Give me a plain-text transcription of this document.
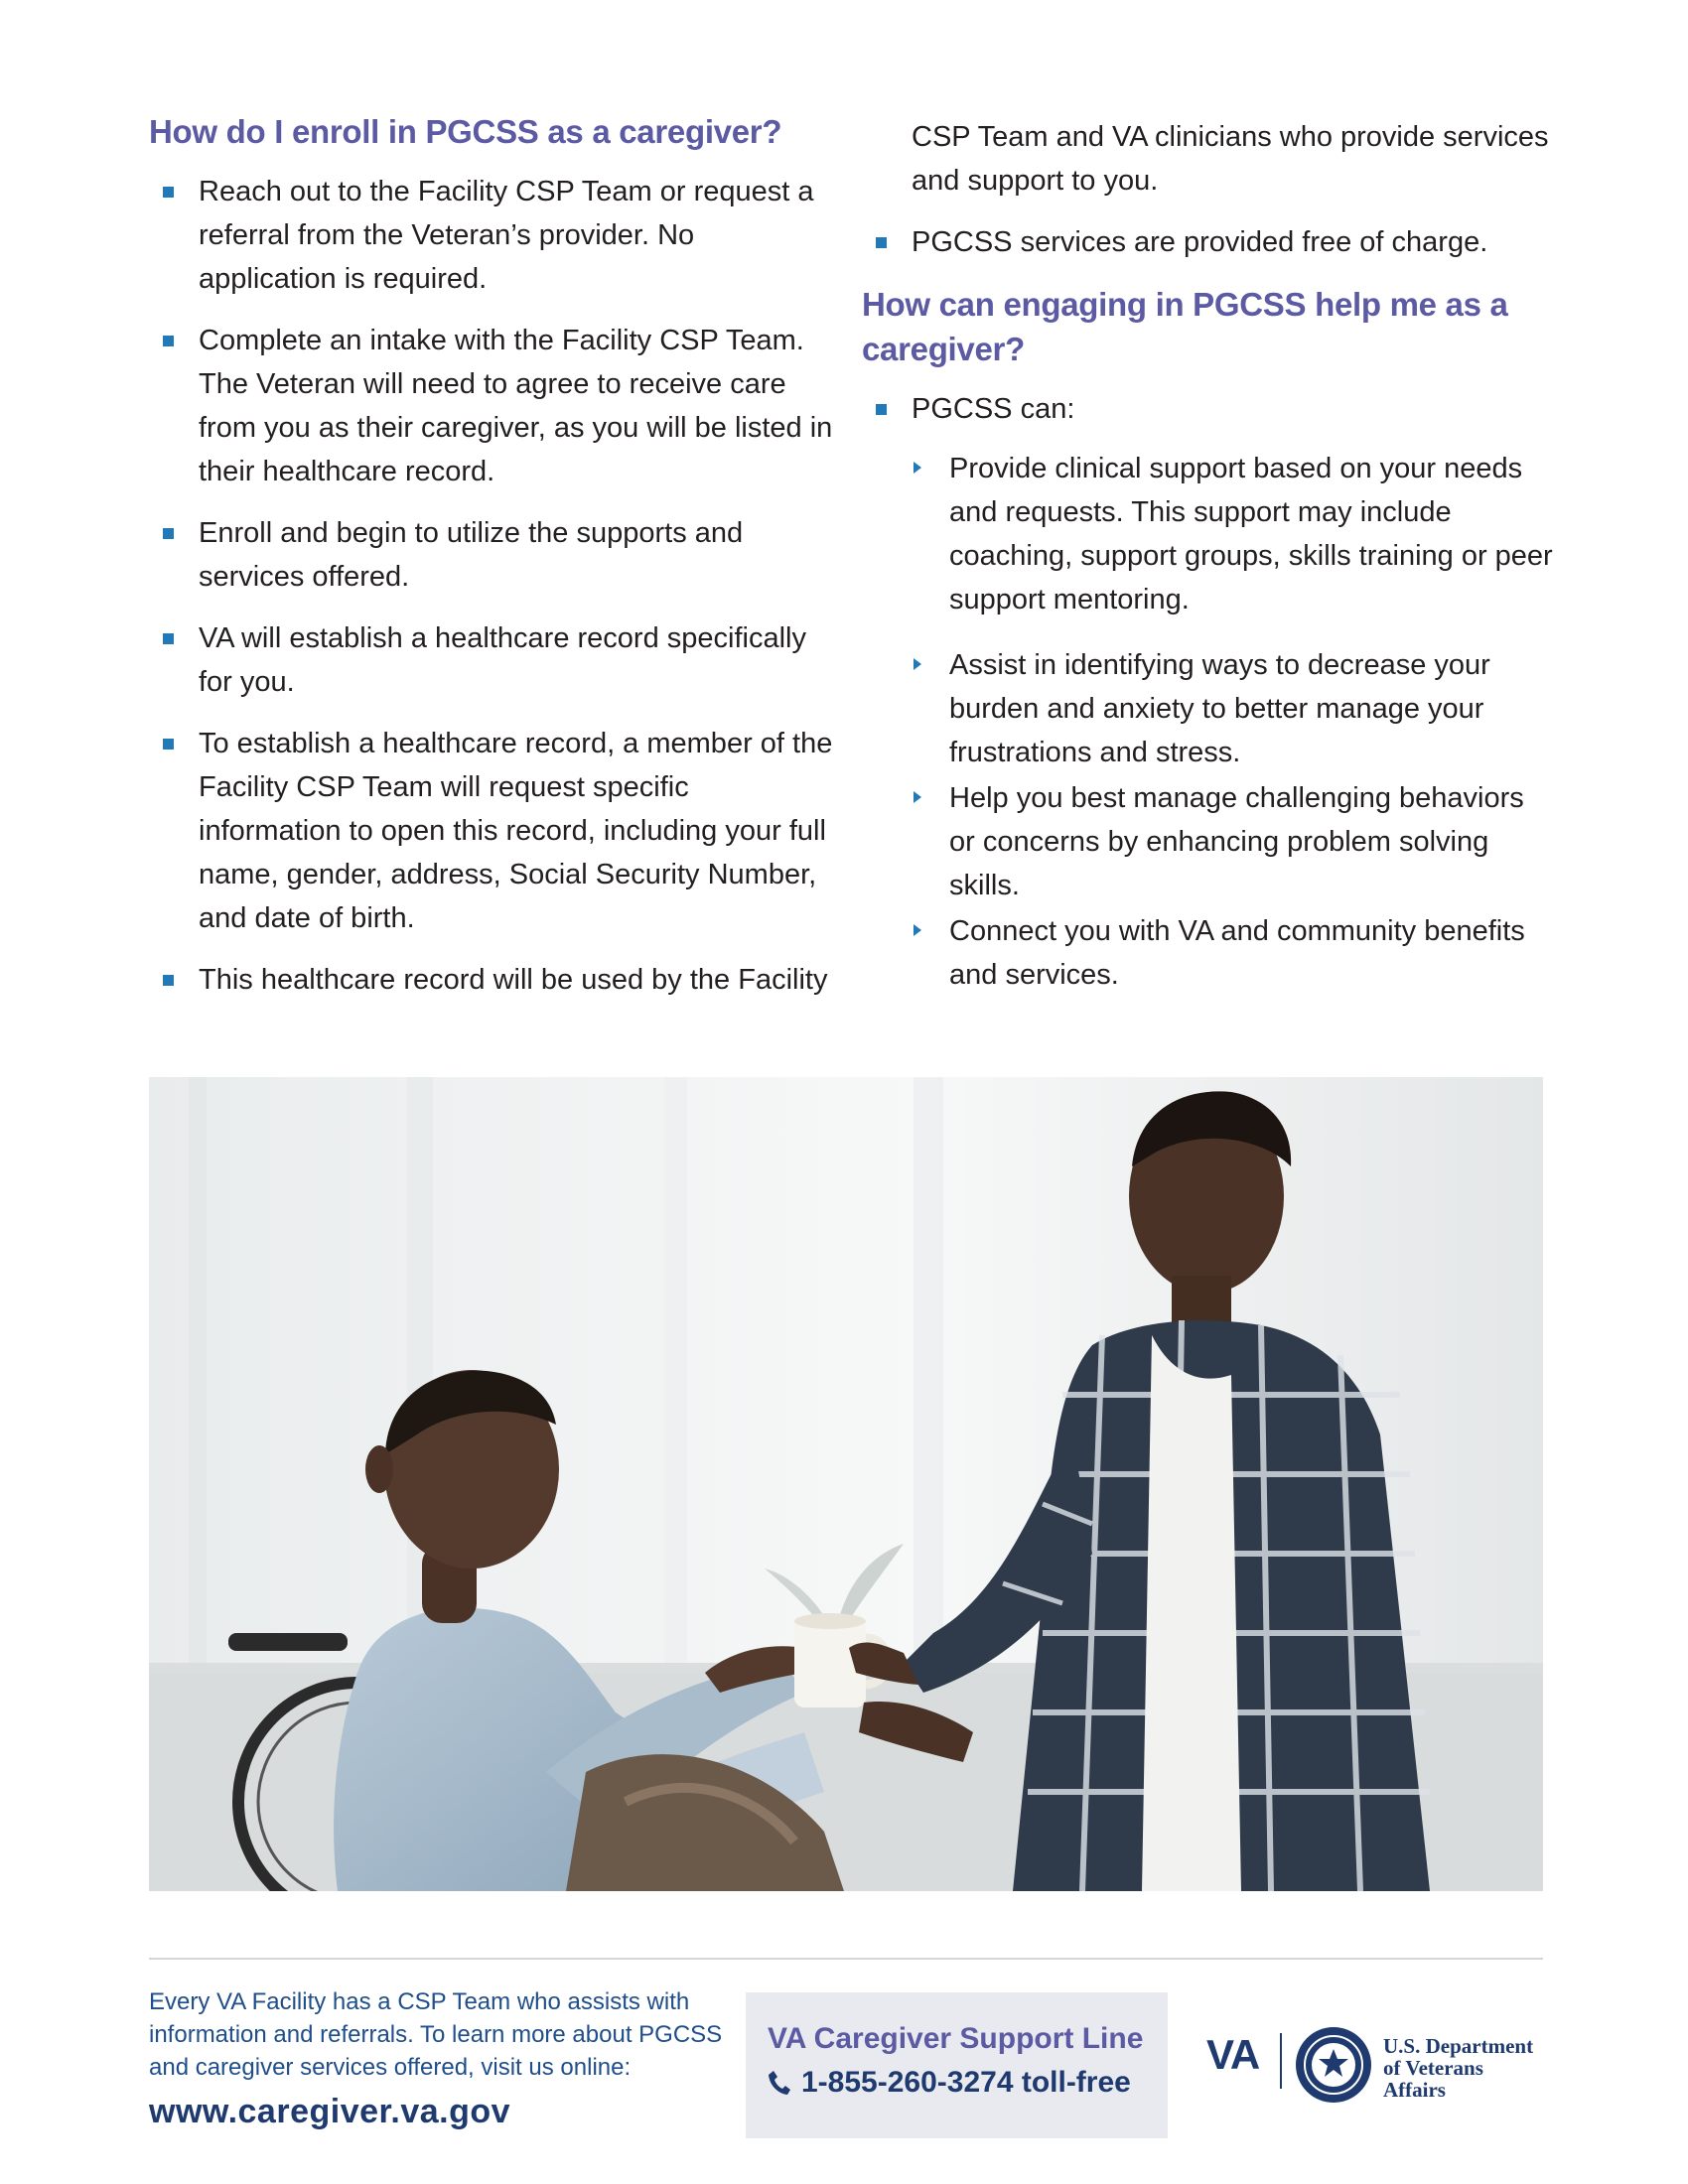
How do I enroll in PGCSS as a caregiver?
Reach out to the Facility CSP Team or request a referral from the Veteran’s provider. No application is required.
Complete an intake with the Facility CSP Team. The Veteran will need to agree to receive care from you as their caregiver, as you will be listed in their healthcare record.
Enroll and begin to utilize the supports and services offered.
VA will establish a healthcare record specifically for you.
To establish a healthcare record, a member of the Facility CSP Team will request specific information to open this record, including your full name, gender, address, Social Security Number, and date of birth.
This healthcare record will be used by the Facility
CSP Team and VA clinicians who provide services and support to you.
PGCSS services are provided free of charge.
How can engaging in PGCSS help me as a caregiver?
PGCSS can:
Provide clinical support based on your needs and requests. This support may include coaching, support groups, skills training or peer support mentoring.
Assist in identifying ways to decrease your burden and anxiety to better manage your frustrations and stress.
Help you best manage challenging behaviors or concerns by enhancing problem solving skills.
Connect you with VA and community benefits and services.
Every VA Facility has a CSP Team who assists with information and referrals. To learn more about PGCSS and caregiver services offered, visit us online:
www.caregiver.va.gov
VA Caregiver Support Line
1-855-260-3274 toll-free
VA	U.S. Department
of Veterans Affairs
